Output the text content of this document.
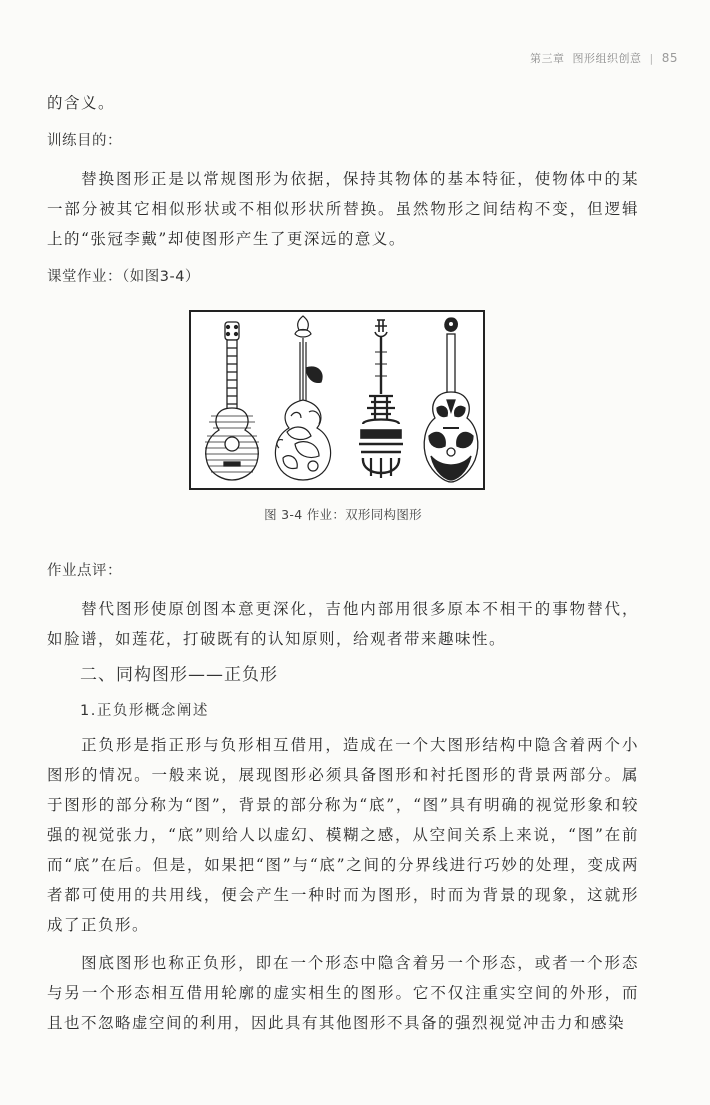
第三章 图形组织创意 | 85

的含义。

训练目的：

替换图形正是以常规图形为依据，保持其物体的基本特征，使物体中的某一部分被其它相似形状或不相似形状所替换。虽然物形之间结构不变，但逻辑上的“张冠李戴”却使图形产生了更深远的意义。

课堂作业：（如图3-4）

图 3-4 作业：双形同构图形

作业点评：

替代图形使原创图本意更深化，吉他内部用很多原本不相干的事物替代，如脸谱，如莲花，打破既有的认知原则，给观者带来趣味性。

二、同构图形——正负形

1.正负形概念阐述

正负形是指正形与负形相互借用，造成在一个大图形结构中隐含着两个小图形的情况。一般来说，展现图形必须具备图形和衬托图形的背景两部分。属于图形的部分称为“图”，背景的部分称为“底”，“图”具有明确的视觉形象和较强的视觉张力，“底”则给人以虚幻、模糊之感，从空间关系上来说，“图”在前而“底”在后。但是，如果把“图”与“底”之间的分界线进行巧妙的处理，变成两者都可使用的共用线，便会产生一种时而为图形，时而为背景的现象，这就形成了正负形。

图底图形也称正负形，即在一个形态中隐含着另一个形态，或者一个形态与另一个形态相互借用轮廓的虚实相生的图形。它不仅注重实空间的外形，而且也不忽略虚空间的利用，因此具有其他图形不具备的强烈视觉冲击力和感染
